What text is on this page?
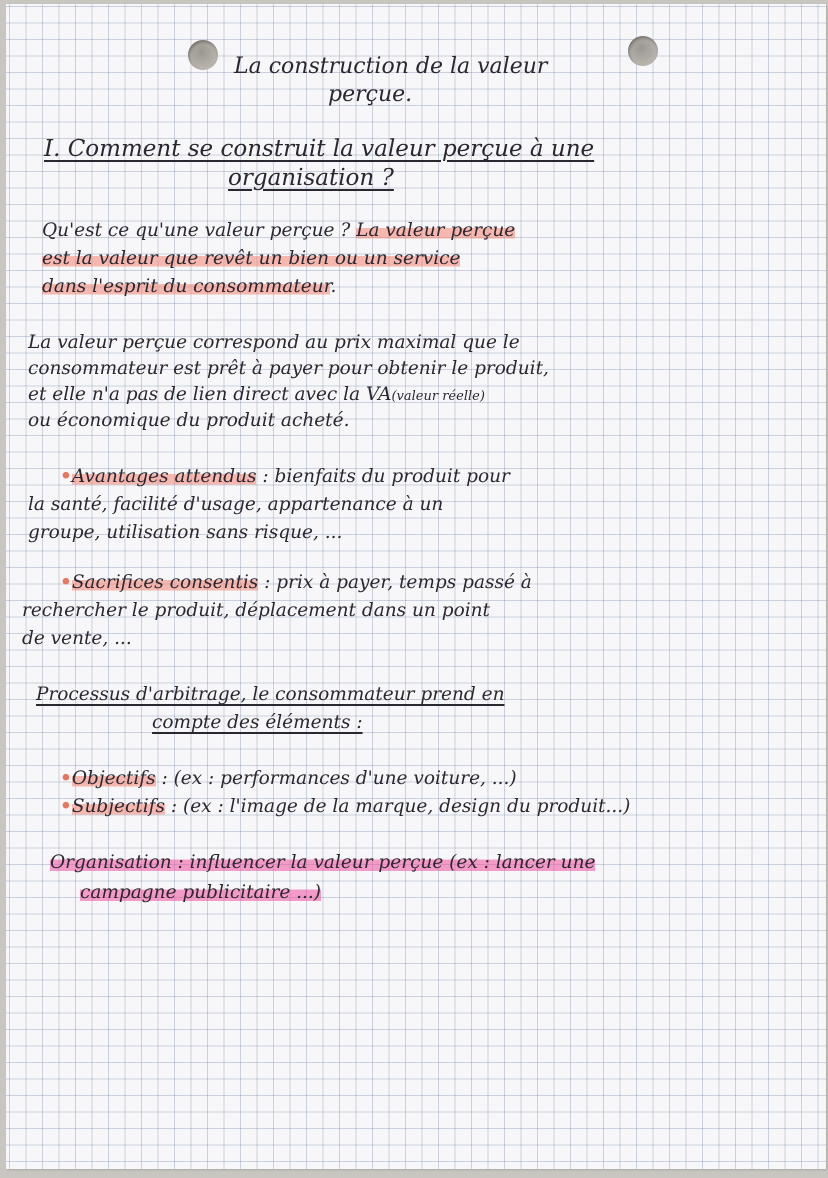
La construction de la valeur

perçue.

I. Comment se construit la valeur perçue à une

organisation ?

Qu'est ce qu'une valeur perçue ? La valeur perçue

est la valeur que revêt un bien ou un service

dans l'esprit du consommateur.

La valeur perçue correspond au prix maximal que le

consommateur est prêt à payer pour obtenir le produit,

et elle n'a pas de lien direct avec la VA(valeur réelle)

ou économique du produit acheté.

•Avantages attendus : bienfaits du produit pour

la santé, facilité d'usage, appartenance à un

groupe, utilisation sans risque, ...

•Sacrifices consentis : prix à payer, temps passé à

rechercher le produit, déplacement dans un point

de vente, ...

Processus d'arbitrage, le consommateur prend en

compte des éléments :

•Objectifs : (ex : performances d'une voiture, ...)

•Subjectifs : (ex : l'image de la marque, design du produit...)

Organisation : influencer la valeur perçue (ex : lancer une

campagne publicitaire ...)
